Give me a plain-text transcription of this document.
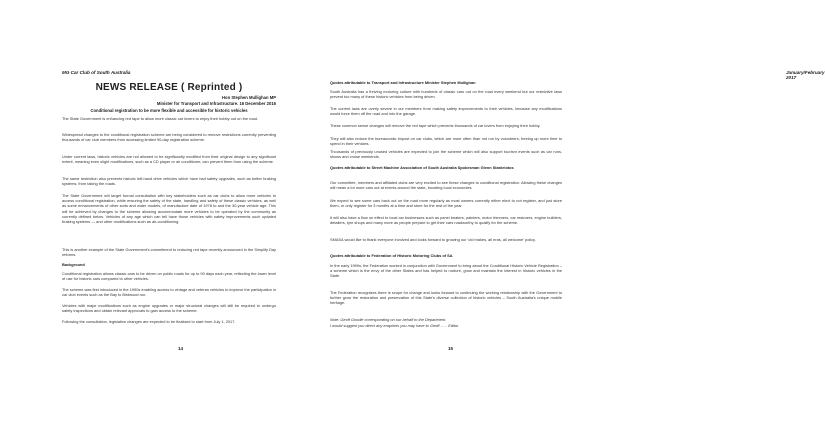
MG Car Club of South Australia
NEWS RELEASE ( Reprinted )
Hon Stephen Mullighan MP
Minister for Transport and Infrastructure. 16 December 2016
Conditional registration to be more flexible and accessible for historic vehicles
The State Government is enhancing red tape to allow more classic car lovers to enjoy their hobby out on the road.
Widespread changes to the conditional registration scheme are being considered to remove restrictions currently preventing thousands of car club members from accessing limited 90-day registration scheme.
Under current laws, historic vehicles are not allowed to be significantly modified from their original design to any significant extent, meaning even slight modifications, such as a CD player or air conditioner, can prevent them from using the scheme.
The same restriction also prevents historic left-hand drive vehicles which have had safety upgrades, such as better braking systems, from taking the roads.
The State Government will target formal consultation with key stakeholders such as car clubs to allow more vehicles to access conditional registration, while ensuring the safety of the state, handling and safety of these classic vehicles, as well as some enhancements of other sorts and wider models, of manufacture date of 1978 to and the 30-year vehicle age. This will be achieved by changes to the scheme allowing accommodate more vehicles to be operated by the community as currently defined below. Vehicles of any age which can tell have those vehicles with safety improvements such updated braking systems — and other modifications such as air-conditioning.
This is another example of the State Government's commitment to reducing red tape recently announced in the Simplify Day reforms.
Background
Conditional registration allows classic cars to be driven on public roads for up to 90 days each year, reflecting the lower level of use for historic cars compared to other vehicles.
The scheme was first introduced in the 1990s enabling access to vintage and veteran vehicles to improve the participation in car club events such as the Bay to Birdwood run.
Vehicles with major modifications such as engine upgrades or major structural changes will still be required to undergo safety inspections and obtain relevant approvals to gain access to the scheme.
Following the consultation, legislative changes are expected to be finalised to start from July 1, 2017.
14
January/February 2017
Quotes attributable to Transport and Infrastructure Minister Stephen Mullighan
South Australia has a thriving motoring culture with hundreds of classic cars out on the road every weekend but our restrictive laws prevent too many of these historic vehicles from being driven.
The current laws are overly severe in our members from making safety improvements to their vehicles, because any modifications would force them off the road and into the garage.
These common sense changes will remove the red tape which prevents thousands of car lovers from enjoying their hobby.
They will also reduce the bureaucratic impost on car clubs, which are more often than not run by volunteers, freeing up more time to spend in their vehicles.
Thousands of previously unused vehicles are expected to join the scheme which will also support tourism events such as car runs, shows and cruise weekends.
Quotes attributable to Street Machine Association of South Australia Spokesman Glenn Stanleiotos
Our committee, members and affiliated clubs are very excited to see these changes to conditional registration. Allowing these changes will mean a lot more cars out at events around the state, boosting local economies.
We expect to see some cars back out on the road more regularly as most owners currently either elect to not register, and just store them, or only register for 3 months at a time and store for the rest of the year.
It will also have a flow on effect to local car businesses such as panel beaters, painters, motor trimmers, car restorers, engine builders, detailers, tyre shops and many more as people prepare to get their cars roadworthy to qualify for the scheme.
SMASA would like to thank everyone involved and looks forward to growing our 'old makes, all eras, all welcome' policy.
Quotes attributable to Federation of Historic Motoring Clubs of SA
In the early 1990s, the Federation worked in conjunction with Government to bring about the Conditional Historic Vehicle Registration – a scheme which is the envy of the other States and has helped to nurture, grow and maintain the interest in historic vehicles in the State.
The Federation recognises there is scope for change and looks forward to continuing the working relationship with the Government to further grow the restoration and preservation of this State's diverse collection of historic vehicles – South Australia's unique mobile heritage.
Note: Geoff Goodie corresponding on our behalf to the Department.
I would suggest you direct any enquiries you may have to Geoff…… Editor
15
